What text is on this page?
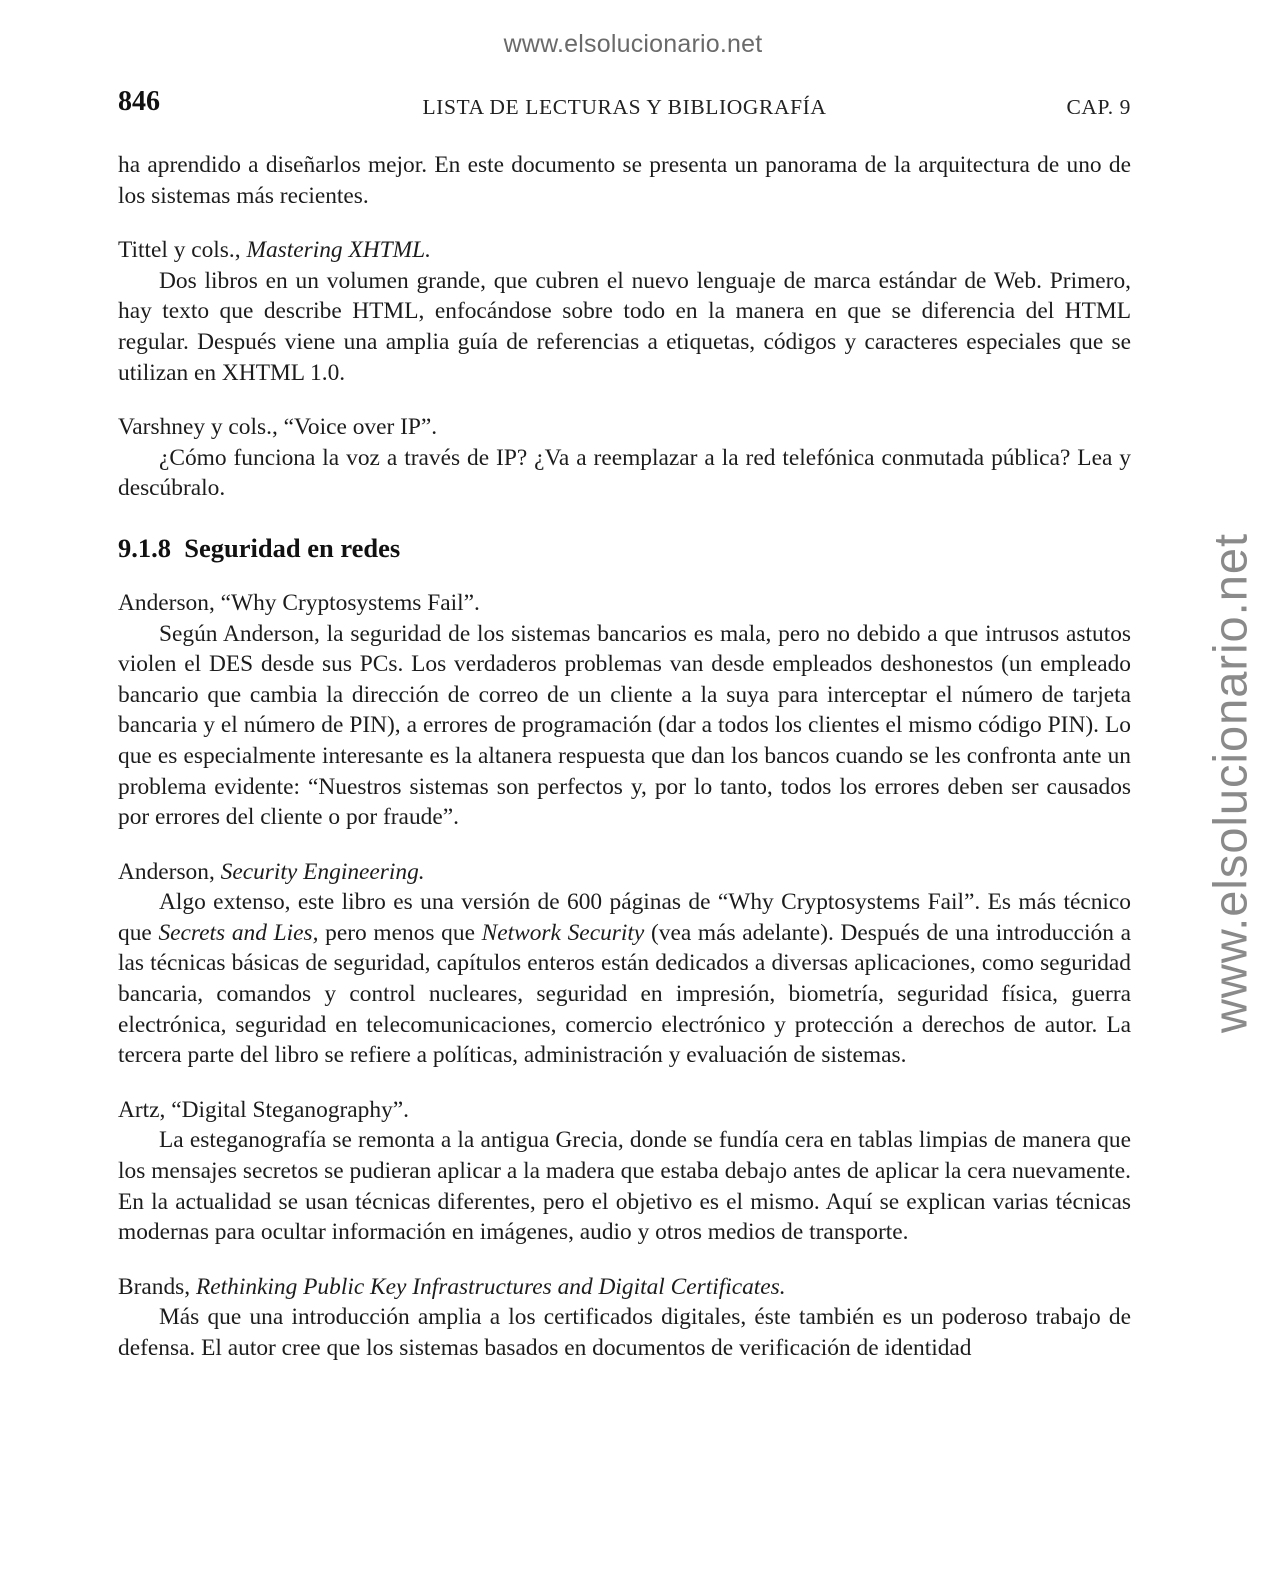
www.elsolucionario.net
www.elsolucionario.net
846	LISTA DE LECTURAS Y BIBLIOGRAFÍA	CAP. 9

ha aprendido a diseñarlos mejor. En este documento se presenta un panorama de la arquitectura de uno de los sistemas más recientes.

Tittel y cols., Mastering XHTML.

Dos libros en un volumen grande, que cubren el nuevo lenguaje de marca estándar de Web. Primero, hay texto que describe HTML, enfocándose sobre todo en la manera en que se diferencia del HTML regular. Después viene una amplia guía de referencias a etiquetas, códigos y caracteres especiales que se utilizan en XHTML 1.0.

Varshney y cols., “Voice over IP”.

¿Cómo funciona la voz a través de IP? ¿Va a reemplazar a la red telefónica conmutada pública? Lea y descúbralo.

9.1.8 Seguridad en redes

Anderson, “Why Cryptosystems Fail”.

Según Anderson, la seguridad de los sistemas bancarios es mala, pero no debido a que intrusos astutos violen el DES desde sus PCs. Los verdaderos problemas van desde empleados deshonestos (un empleado bancario que cambia la dirección de correo de un cliente a la suya para interceptar el número de tarjeta bancaria y el número de PIN), a errores de programación (dar a todos los clientes el mismo código PIN). Lo que es especialmente interesante es la altanera respuesta que dan los bancos cuando se les confronta ante un problema evidente: “Nuestros sistemas son perfectos y, por lo tanto, todos los errores deben ser causados por errores del cliente o por fraude”.

Anderson, Security Engineering.

Algo extenso, este libro es una versión de 600 páginas de “Why Cryptosystems Fail”. Es más técnico que Secrets and Lies, pero menos que Network Security (vea más adelante). Después de una introducción a las técnicas básicas de seguridad, capítulos enteros están dedicados a diversas aplicaciones, como seguridad bancaria, comandos y control nucleares, seguridad en impresión, biometría, seguridad física, guerra electrónica, seguridad en telecomunicaciones, comercio electrónico y protección a derechos de autor. La tercera parte del libro se refiere a políticas, administración y evaluación de sistemas.

Artz, “Digital Steganography”.

La esteganografía se remonta a la antigua Grecia, donde se fundía cera en tablas limpias de manera que los mensajes secretos se pudieran aplicar a la madera que estaba debajo antes de aplicar la cera nuevamente. En la actualidad se usan técnicas diferentes, pero el objetivo es el mismo. Aquí se explican varias técnicas modernas para ocultar información en imágenes, audio y otros medios de transporte.

Brands, Rethinking Public Key Infrastructures and Digital Certificates.

Más que una introducción amplia a los certificados digitales, éste también es un poderoso trabajo de defensa. El autor cree que los sistemas basados en documentos de verificación de identidad
